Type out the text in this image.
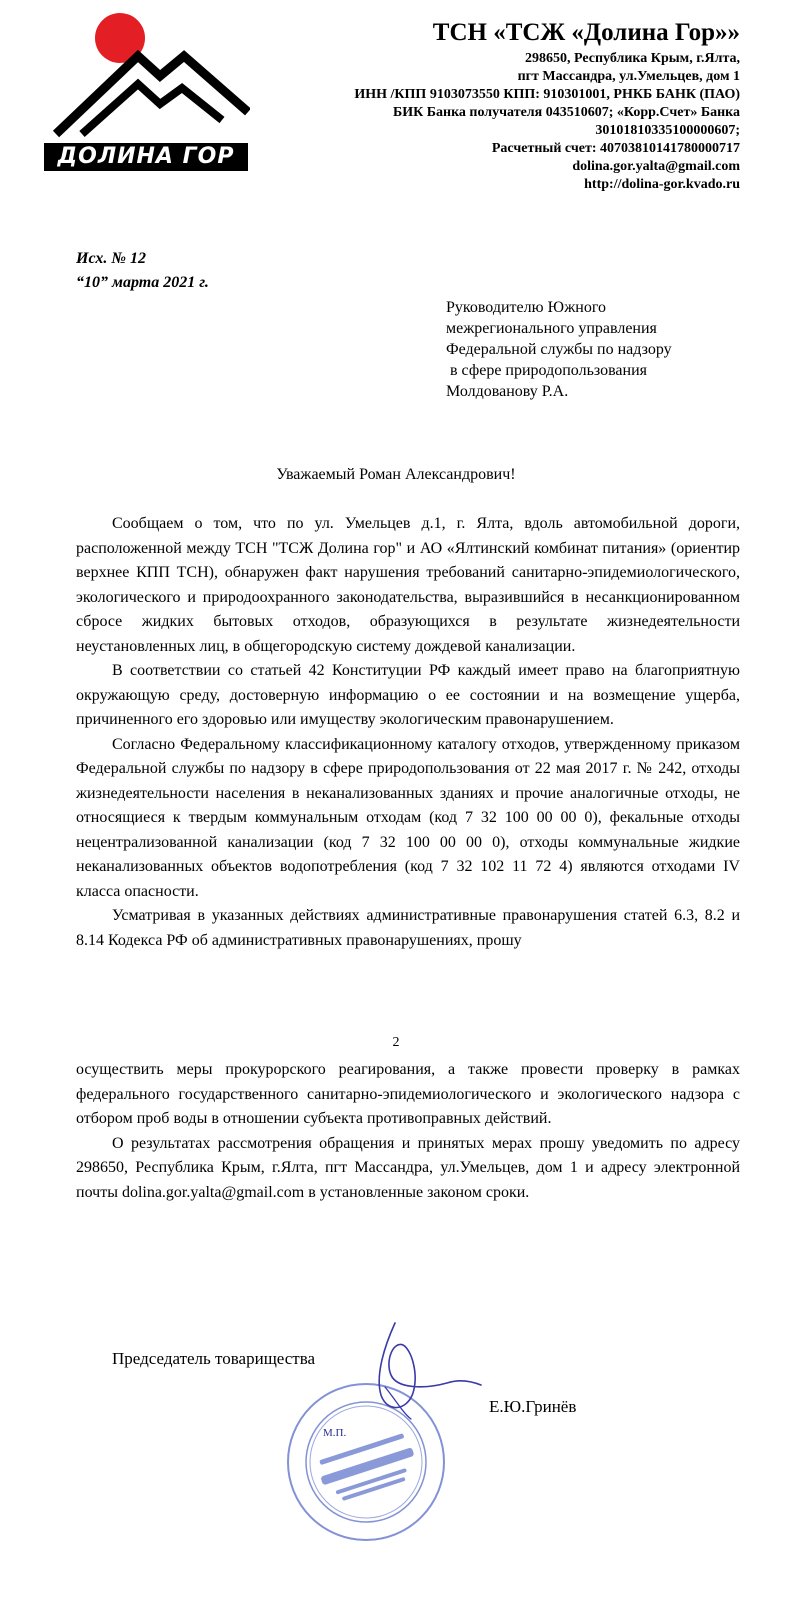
ДОЛИНА ГОР
ТСН «ТСЖ «Долина Гор»»
298650, Республика Крым, г.Ялта,
пгт Массандра, ул.Умельцев, дом 1
ИНН /КПП 9103073550 КПП: 910301001, РНКБ БАНК (ПАО)
БИК Банка получателя 043510607; «Корр.Счет» Банка
30101810335100000607;
Расчетный счет: 40703810141780000717
dolina.gor.yalta@gmail.com
http://dolina-gor.kvado.ru
Исх. № 12
“10” марта 2021 г.
Руководителю Южного
межрегионального управления
Федеральной службы по надзору
в сфере природопользования
Молдованову Р.А.
Уважаемый Роман Александрович!

Сообщаем о том, что по ул. Умельцев д.1, г. Ялта, вдоль автомобильной дороги, расположенной между ТСН "ТСЖ Долина гор" и АО «Ялтинский комбинат питания» (ориентир верхнее КПП ТСН), обнаружен факт нарушения требований санитарно-эпидемиологического, экологического и природоохранного законодательства, выразившийся в несанкционированном сбросе жидких бытовых отходов, образующихся в результате жизнедеятельности неустановленных лиц, в общегородскую систему дождевой канализации.

В соответствии со статьей 42 Конституции РФ каждый имеет право на благоприятную окружающую среду, достоверную информацию о ее состоянии и на возмещение ущерба, причиненного его здоровью или имуществу экологическим правонарушением.

Согласно Федеральному классификационному каталогу отходов, утвержденному приказом Федеральной службы по надзору в сфере природопользования от 22 мая 2017 г. № 242, отходы жизнедеятельности населения в неканализованных зданиях и прочие аналогичные отходы, не относящиеся к твердым коммунальным отходам (код 7 32 100 00 00 0), фекальные отходы нецентрализованной канализации (код 7 32 100 00 00 0), отходы коммунальные жидкие неканализованных объектов водопотребления (код 7 32 102 11 72 4) являются отходами IV класса опасности.

Усматривая в указанных действиях административные правонарушения статей 6.3, 8.2 и 8.14 Кодекса РФ об административных правонарушениях, прошу

2

осуществить меры прокурорского реагирования, а также провести проверку в рамках федерального государственного санитарно-эпидемиологического и экологического надзора с отбором проб воды в отношении субъекта противоправных действий.

О результатах рассмотрения обращения и принятых мерах прошу уведомить по адресу 298650, Республика Крым, г.Ялта, пгт Массандра, ул.Умельцев, дом 1 и адресу электронной почты dolina.gor.yalta@gmail.com в установленные законом сроки.

Председатель товарищества
Е.Ю.Гринёв
М.П.
